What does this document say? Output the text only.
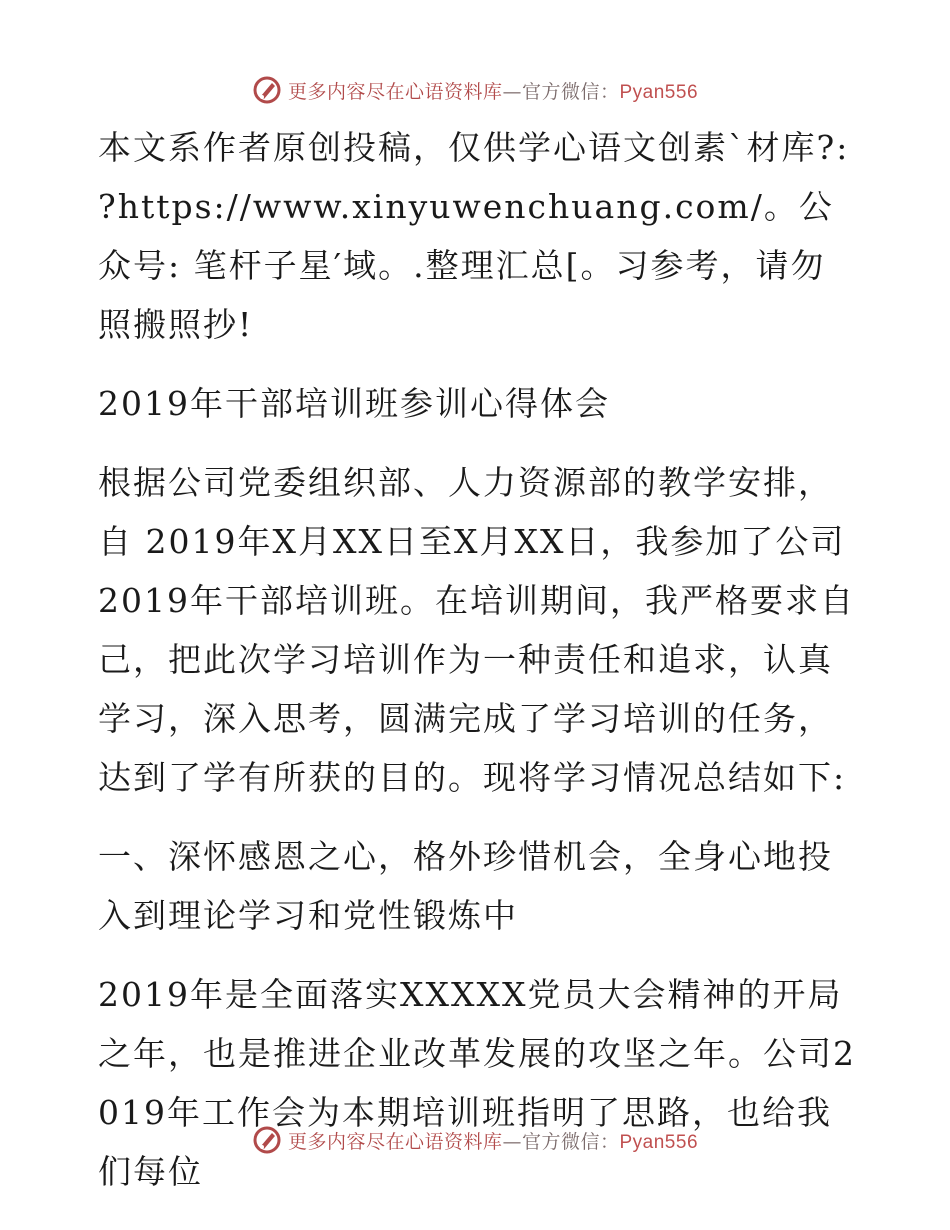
更多内容尽在心语资料库—官方微信：Pyan556

本文系作者原创投稿，仅供学心语文创素`材库?: ?https://www.xinyuwenchuang.com/。公众号: 笔杆子星′域。.整理汇总[。习参考，请勿照搬照抄!

2019年干部培训班参训心得体会

根据公司党委组织部、人力资源部的教学安排，自 2019年X月XX日至X月XX日，我参加了公司 2019年干部培训班。在培训期间，我严格要求自己，把此次学习培训作为一种责任和追求，认真学习，深入思考，圆满完成了学习培训的任务，达到了学有所获的目的。现将学习情况总结如下:

一、深怀感恩之心，格外珍惜机会，全身心地投入到理论学习和党性锻炼中

2019年是全面落实XXXXX党员大会精神的开局之年，也是推进企业改革发展的攻坚之年。公司2019年工作会为本期培训班指明了思路，也给我们每位

更多内容尽在心语资料库—官方微信：Pyan556
